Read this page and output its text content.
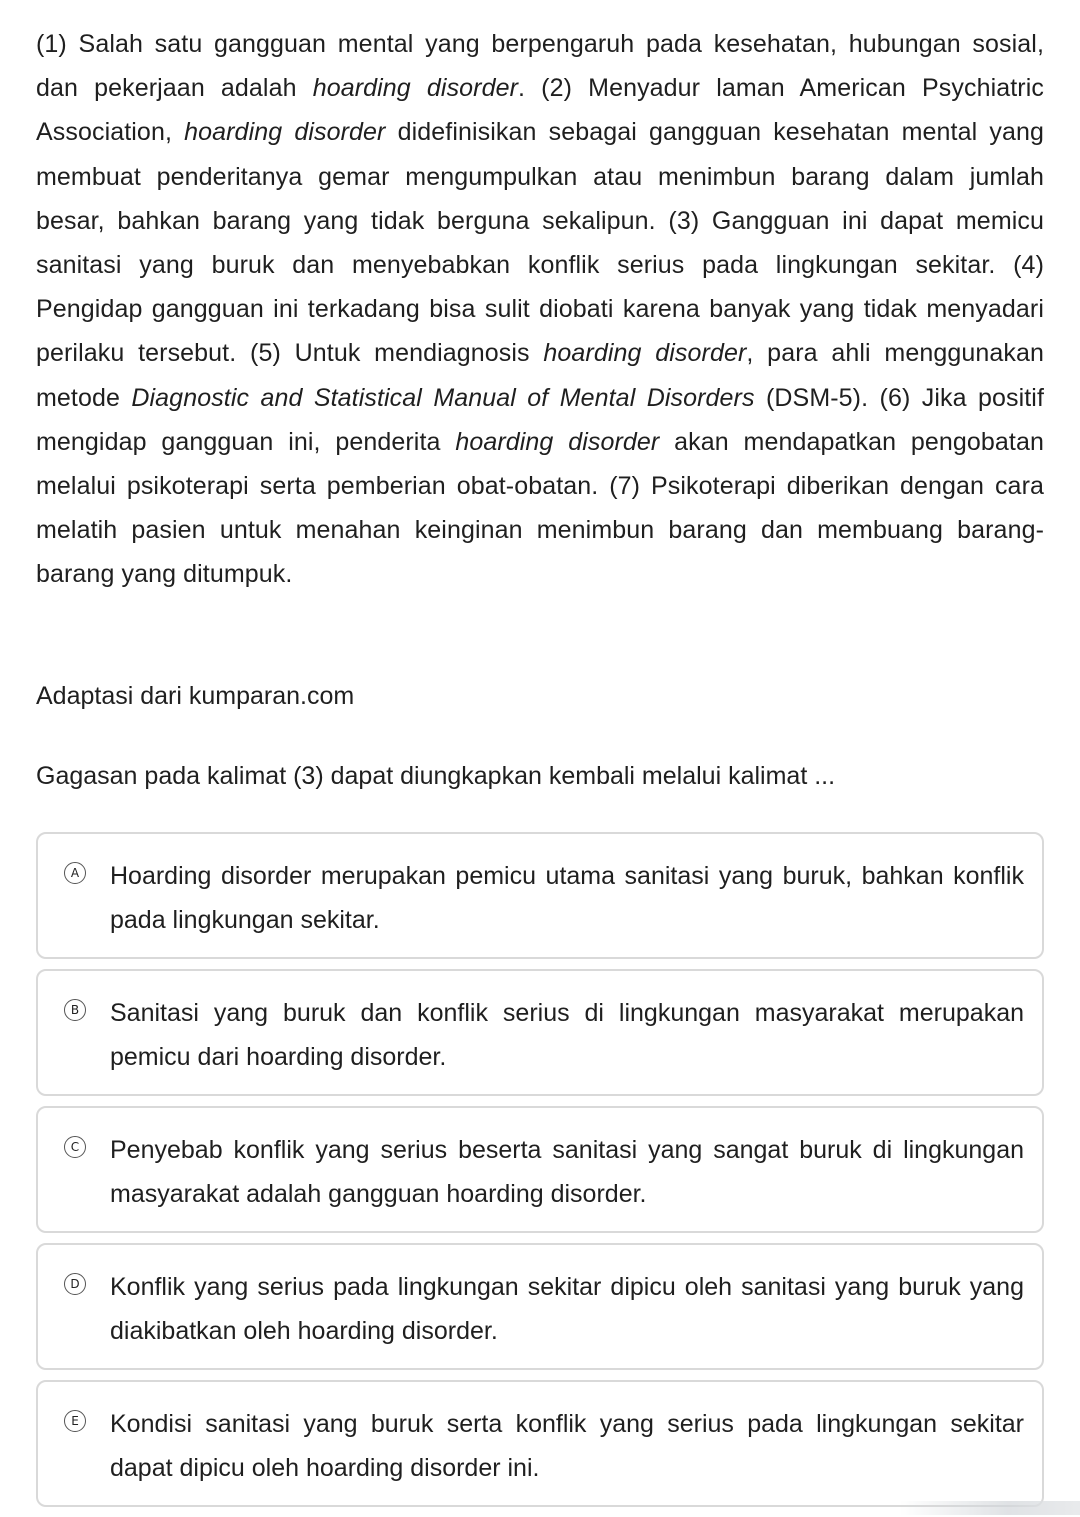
(1) Salah satu gangguan mental yang berpengaruh pada kesehatan, hubungan sosial, dan pekerjaan adalah hoarding disorder. (2) Menyadur laman American Psychiatric Association, hoarding disorder didefinisikan sebagai gangguan kesehatan mental yang membuat penderitanya gemar mengumpulkan atau menimbun barang dalam jumlah besar, bahkan barang yang tidak berguna sekalipun. (3) Gangguan ini dapat memicu sanitasi yang buruk dan menyebabkan konflik serius pada lingkungan sekitar. (4) Pengidap gangguan ini terkadang bisa sulit diobati karena banyak yang tidak menyadari perilaku tersebut. (5) Untuk mendiagnosis hoarding disorder, para ahli menggunakan metode Diagnostic and Statistical Manual of Mental Disorders (DSM-5). (6) Jika positif mengidap gangguan ini, penderita hoarding disorder akan mendapatkan pengobatan melalui psikoterapi serta pemberian obat-obatan. (7) Psikoterapi diberikan dengan cara melatih pasien untuk menahan keinginan menimbun barang dan membuang barang-barang yang ditumpuk.
Adaptasi dari kumparan.com
Gagasan pada kalimat (3) dapat diungkapkan kembali melalui kalimat ...
A Hoarding disorder merupakan pemicu utama sanitasi yang buruk, bahkan konflik pada lingkungan sekitar.
B Sanitasi yang buruk dan konflik serius di lingkungan masyarakat merupakan pemicu dari hoarding disorder.
C Penyebab konflik yang serius beserta sanitasi yang sangat buruk di lingkungan masyarakat adalah gangguan hoarding disorder.
D Konflik yang serius pada lingkungan sekitar dipicu oleh sanitasi yang buruk yang diakibatkan oleh hoarding disorder.
E Kondisi sanitasi yang buruk serta konflik yang serius pada lingkungan sekitar dapat dipicu oleh hoarding disorder ini.
